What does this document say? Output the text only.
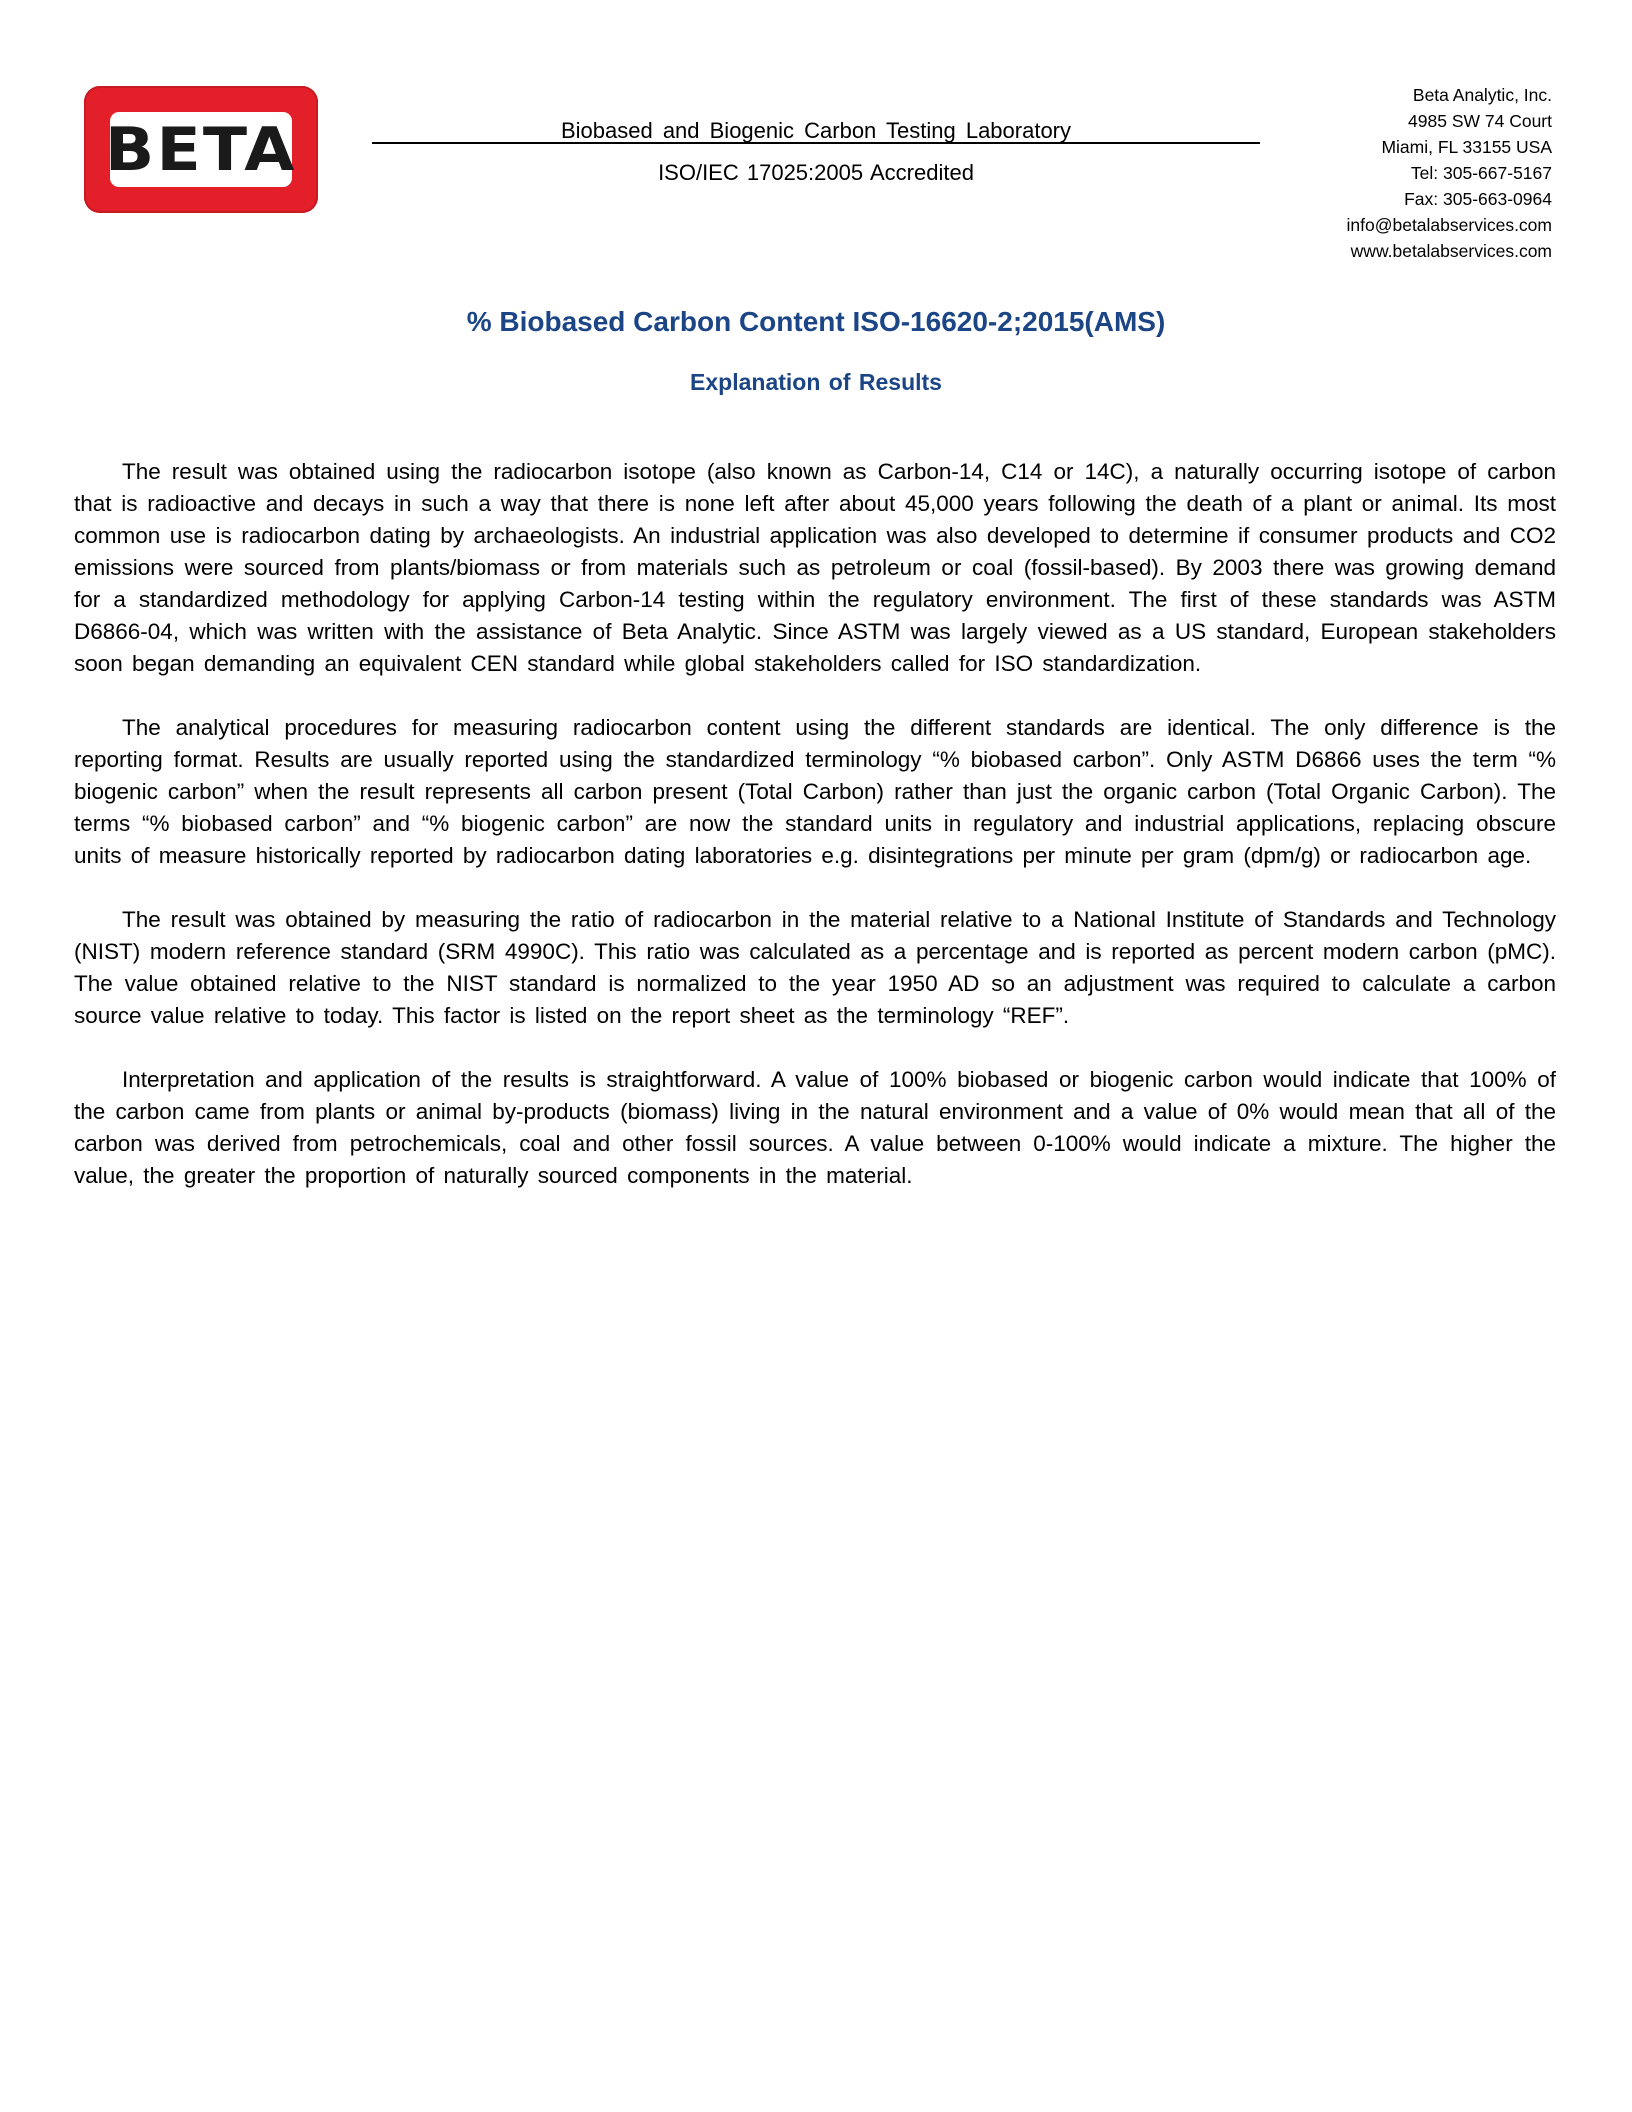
BETA	Biobased and Biogenic Carbon Testing Laboratory
ISO/IEC 17025:2005 Accredited
Beta Analytic, Inc.
4985 SW 74 Court
Miami, FL 33155 USA
Tel: 305-667-5167
Fax: 305-663-0964
info@betalabservices.com
www.betalabservices.com
% Biobased Carbon Content ISO-16620-2;2015(AMS)
Explanation of Results

The result was obtained using the radiocarbon isotope (also known as Carbon-14, C14 or 14C), a naturally occurring isotope of carbon that is radioactive and decays in such a way that there is none left after about 45,000 years following the death of a plant or animal. Its most common use is radiocarbon dating by archaeologists. An industrial application was also developed to determine if consumer products and CO2 emissions were sourced from plants/biomass or from materials such as petroleum or coal (fossil-based). By 2003 there was growing demand for a standardized methodology for applying Carbon-14 testing within the regulatory environment. The first of these standards was ASTM D6866-04, which was written with the assistance of Beta Analytic. Since ASTM was largely viewed as a US standard, European stakeholders soon began demanding an equivalent CEN standard while global stakeholders called for ISO standardization.

The analytical procedures for measuring radiocarbon content using the different standards are identical. The only difference is the reporting format. Results are usually reported using the standardized terminology “% biobased carbon”. Only ASTM D6866 uses the term “% biogenic carbon” when the result represents all carbon present (Total Carbon) rather than just the organic carbon (Total Organic Carbon). The terms “% biobased carbon” and “% biogenic carbon” are now the standard units in regulatory and industrial applications, replacing obscure units of measure historically reported by radiocarbon dating laboratories e.g. disintegrations per minute per gram (dpm/g) or radiocarbon age.

The result was obtained by measuring the ratio of radiocarbon in the material relative to a National Institute of Standards and Technology (NIST) modern reference standard (SRM 4990C). This ratio was calculated as a percentage and is reported as percent modern carbon (pMC). The value obtained relative to the NIST standard is normalized to the year 1950 AD so an adjustment was required to calculate a carbon source value relative to today. This factor is listed on the report sheet as the terminology “REF”.

Interpretation and application of the results is straightforward. A value of 100% biobased or biogenic carbon would indicate that 100% of the carbon came from plants or animal by-products (biomass) living in the natural environment and a value of 0% would mean that all of the carbon was derived from petrochemicals, coal and other fossil sources. A value between 0-100% would indicate a mixture. The higher the value, the greater the proportion of naturally sourced components in the material.
